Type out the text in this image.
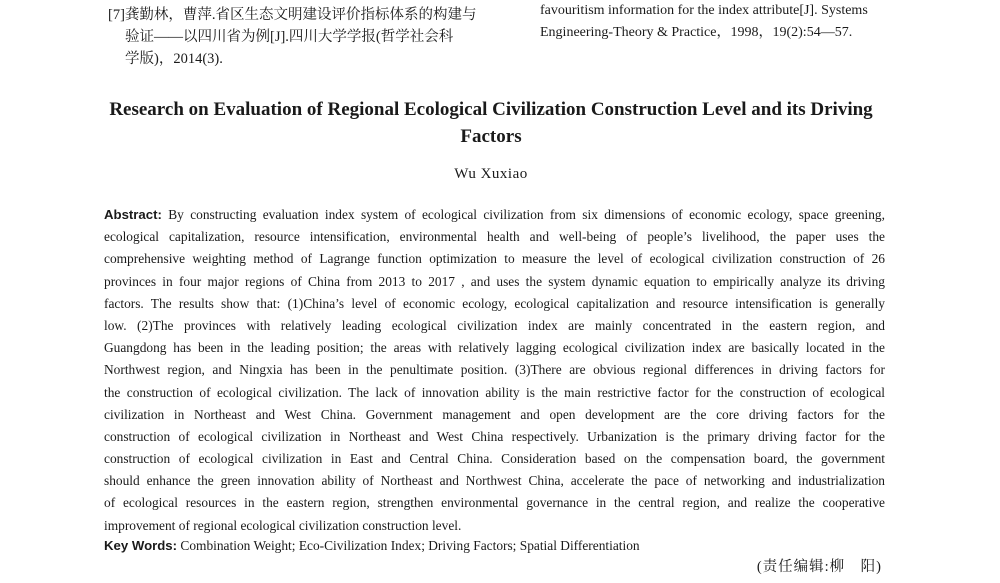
[7]龚勤林，曹萍.省区生态文明建设评价指标体系的构建与
验证——以四川省为例[J].四川大学学报(哲学社会科
学版)，2014(3).
favouritism information for the index attribute[J]. Systems
Engineering-Theory & Practice，1998，19(2):54—57.
Research on Evaluation of Regional Ecological Civilization Construction Level and its Driving Factors
Wu Xuxiao
Abstract: By constructing evaluation index system of ecological civilization from six dimensions of economic ecology, space greening,
ecological capitalization, resource intensification, environmental health and well-being of people’s livelihood, the paper uses the
comprehensive weighting method of Lagrange function optimization to measure the level of ecological civilization construction of 26
provinces in four major regions of China from 2013 to 2017 , and uses the system dynamic equation to empirically analyze its driving
factors. The results show that: (1)China’s level of economic ecology, ecological capitalization and resource intensification is generally
low. (2)The provinces with relatively leading ecological civilization index are mainly concentrated in the eastern region, and
Guangdong has been in the leading position; the areas with relatively lagging ecological civilization index are basically located in the
Northwest region, and Ningxia has been in the penultimate position. (3)There are obvious regional differences in driving factors for
the construction of ecological civilization. The lack of innovation ability is the main restrictive factor for the construction of ecological
civilization in Northeast and West China. Government management and open development are the core driving factors for the
construction of ecological civilization in Northeast and West China respectively. Urbanization is the primary driving factor for the
construction of ecological civilization in East and Central China. Consideration based on the compensation board, the government
should enhance the green innovation ability of Northeast and Northwest China, accelerate the pace of networking and industrialization
of ecological resources in the eastern region, strengthen environmental governance in the central region, and realize the cooperative
improvement of regional ecological civilization construction level.
Key Words: Combination Weight; Eco-Civilization Index; Driving Factors; Spatial Differentiation
(责任编辑:柳　阳)
